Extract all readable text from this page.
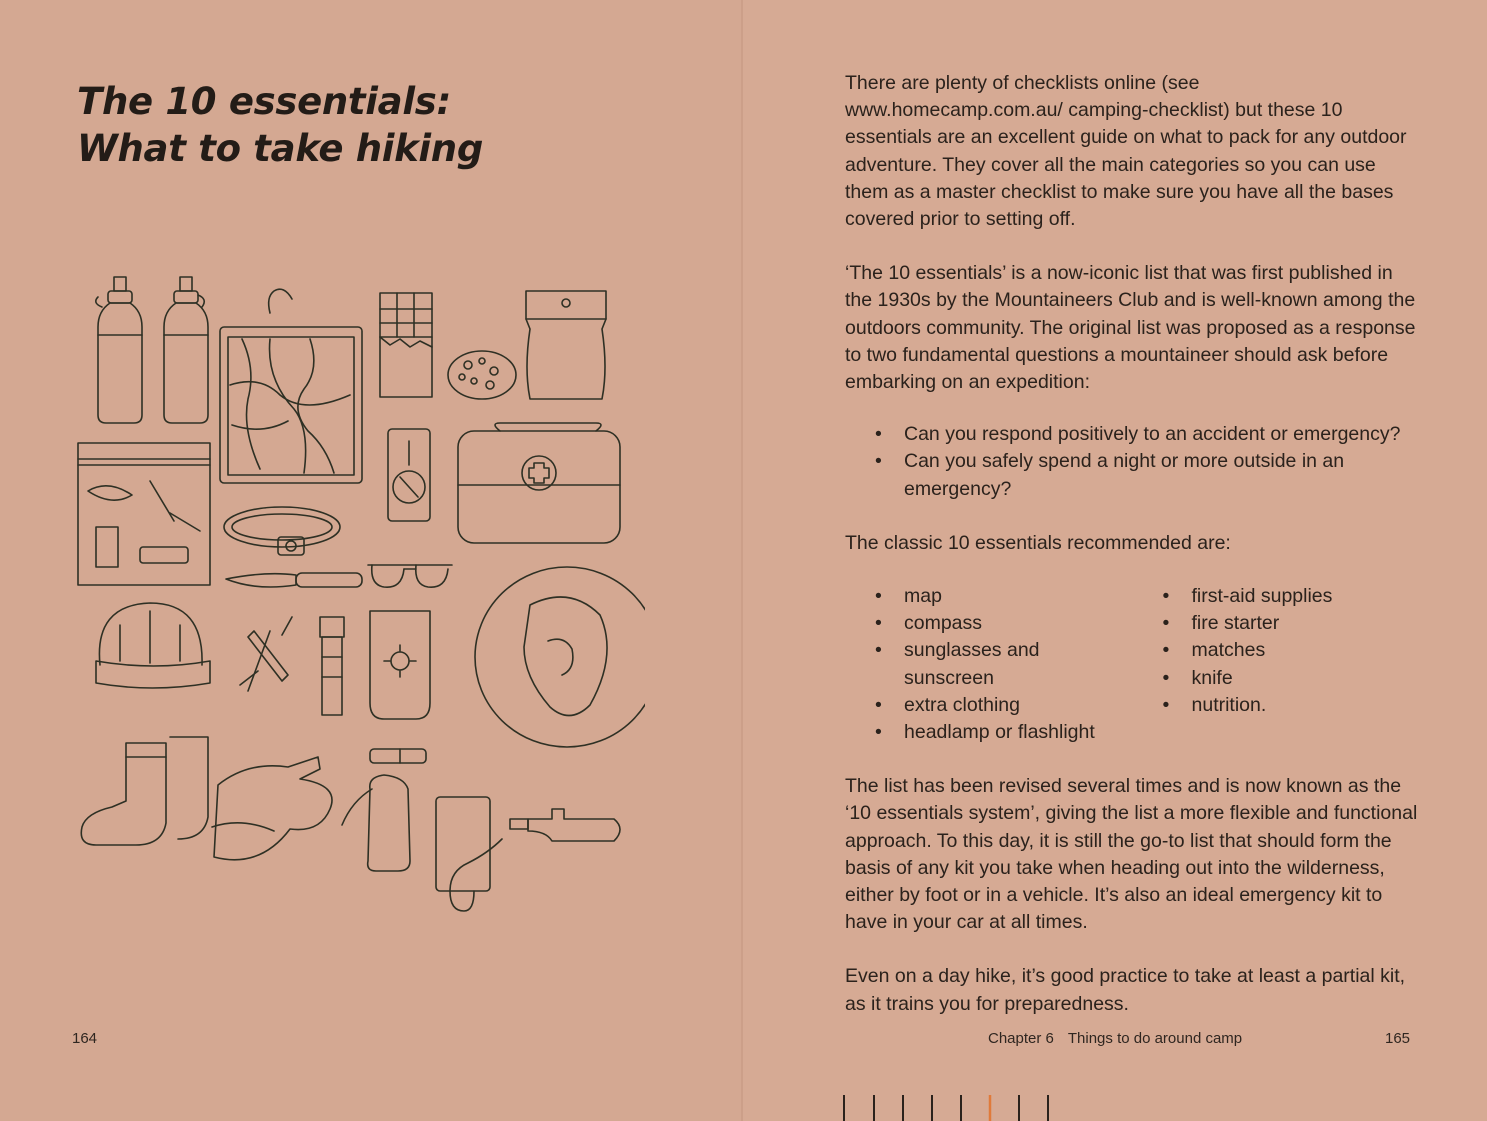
The 10 essentials:
What to take hiking
164

There are plenty of checklists online (see www.homecamp.com.au/ camping-checklist) but these 10 essentials are an excellent guide on what to pack for any outdoor adventure. They cover all the main categories so you can use them as a master checklist to make sure you have all the bases covered prior to setting off.

‘The 10 essentials’ is a now-iconic list that was first published in the 1930s by the Mountaineers Club and is well-known among the outdoors community. The original list was proposed as a response to two fundamental questions a mountaineer should ask before embarking on an expedition:

• Can you respond positively to an accident or emergency?
• Can you safely spend a night or more outside in an emergency?

The classic 10 essentials recommended are:

• map
• compass
• sunglasses and sunscreen
• extra clothing
• headlamp or flashlight
• first-aid supplies
• fire starter
• matches
• knife
• nutrition.

The list has been revised several times and is now known as the ‘10 essentials system’, giving the list a more flexible and functional approach. To this day, it is still the go-to list that should form the basis of any kit you take when heading out into the wilderness, either by foot or in a vehicle. It’s also an ideal emergency kit to have in your car at all times.

Even on a day hike, it’s good practice to take at least a partial kit, as it trains you for preparedness.

Chapter 6 Things to do around camp	165
